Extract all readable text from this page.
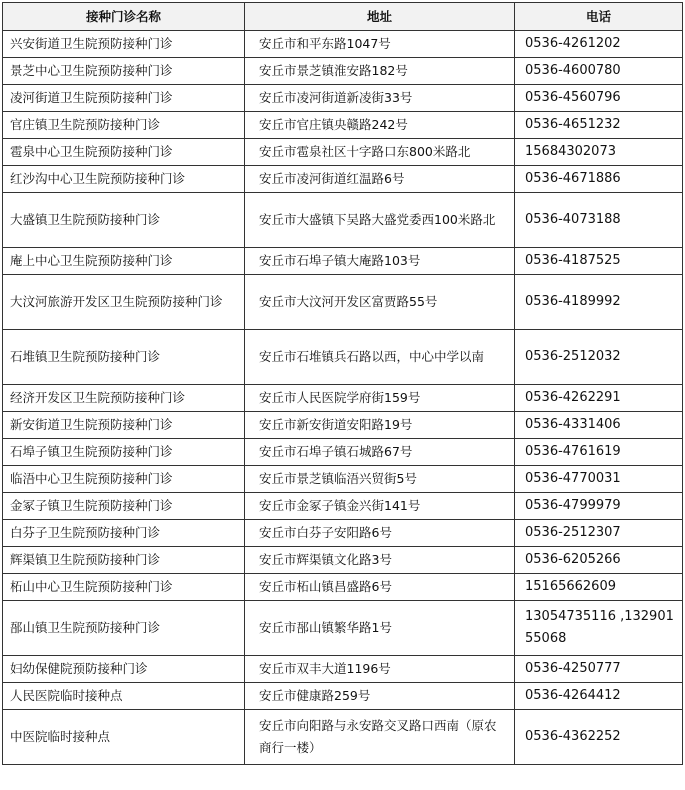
接种门诊名称	地址	电话
兴安街道卫生院预防接种门诊	安丘市和平东路1047号	0536-4261202
景芝中心卫生院预防接种门诊	安丘市景芝镇淮安路182号	0536-4600780
凌河街道卫生院预防接种门诊	安丘市凌河街道新凌街33号	0536-4560796
官庄镇卫生院预防接种门诊	安丘市官庄镇央赣路242号	0536-4651232
雹泉中心卫生院预防接种门诊	安丘市雹泉社区十字路口东800米路北	15684302073
红沙沟中心卫生院预防接种门诊	安丘市凌河街道红温路6号	0536-4671886
大盛镇卫生院预防接种门诊	安丘市大盛镇下吴路大盛党委西100米路北	0536-4073188
庵上中心卫生院预防接种门诊	安丘市石埠子镇大庵路103号	0536-4187525
大汶河旅游开发区卫生院预防接种门诊	安丘市大汶河开发区富贾路55号	0536-4189992
石堆镇卫生院预防接种门诊	安丘市石堆镇兵石路以西，中心中学以南	0536-2512032
经济开发区卫生院预防接种门诊	安丘市人民医院学府街159号	0536-4262291
新安街道卫生院预防接种门诊	安丘市新安街道安阳路19号	0536-4331406
石埠子镇卫生院预防接种门诊	安丘市石埠子镇石城路67号	0536-4761619
临浯中心卫生院预防接种门诊	安丘市景芝镇临浯兴贸街5号	0536-4770031
金冢子镇卫生院预防接种门诊	安丘市金冢子镇金兴街141号	0536-4799979
白芬子卫生院预防接种门诊	安丘市白芬子安阳路6号	0536-2512307
辉渠镇卫生院预防接种门诊	安丘市辉渠镇文化路3号	0536-6205266
柘山中心卫生院预防接种门诊	安丘市柘山镇昌盛路6号	15165662609
郚山镇卫生院预防接种门诊	安丘市郚山镇繁华路1号	13054735116 ,13290155068
妇幼保健院预防接种门诊	安丘市双丰大道1196号	0536-4250777
人民医院临时接种点	安丘市健康路259号	0536-4264412
中医院临时接种点	安丘市向阳路与永安路交叉路口西南（原农商行一楼）	0536-4362252
